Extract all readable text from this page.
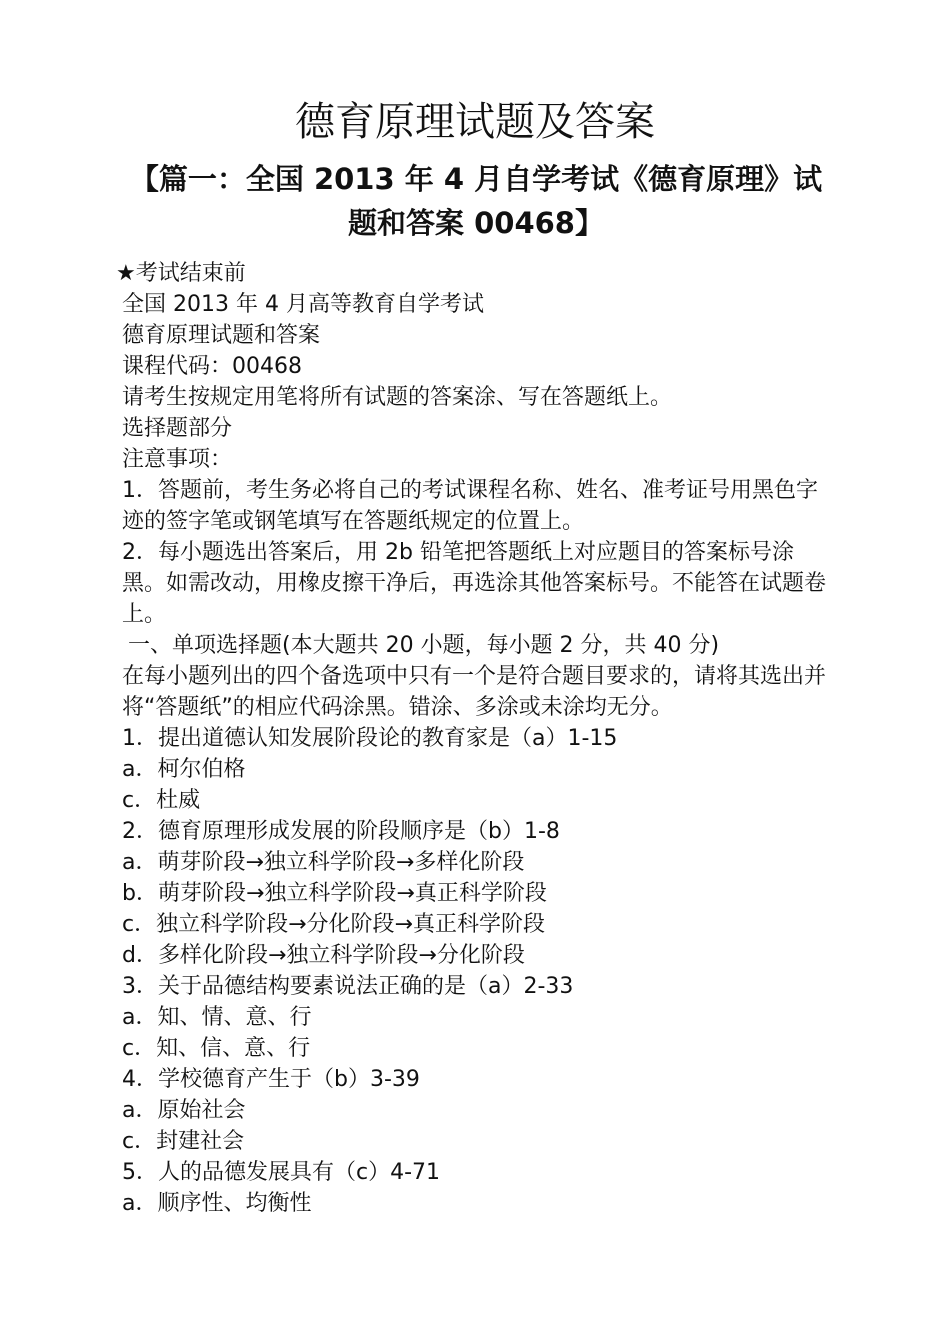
德育原理试题及答案
【篇一：全国 2013 年 4 月自学考试《德育原理》试题和答案 00468】

★考试结束前

全国 2013 年 4 月高等教育自学考试

德育原理试题和答案

课程代码：00468

请考生按规定用笔将所有试题的答案涂、写在答题纸上。

选择题部分

注意事项：

1．答题前，考生务必将自己的考试课程名称、姓名、准考证号用黑色字迹的签字笔或钢笔填写在答题纸规定的位置上。

2．每小题选出答案后，用 2b 铅笔把答题纸上对应题目的答案标号涂黑。如需改动，用橡皮擦干净后，再选涂其他答案标号。不能答在试题卷上。

一、单项选择题(本大题共 20 小题，每小题 2 分，共 40 分)

在每小题列出的四个备选项中只有一个是符合题目要求的，请将其选出并将“答题纸”的相应代码涂黑。错涂、多涂或未涂均无分。

1．提出道德认知发展阶段论的教育家是（a）1-15

a．柯尔伯格

c．杜威

2．德育原理形成发展的阶段顺序是（b）1-8

a．萌芽阶段→独立科学阶段→多样化阶段

b．萌芽阶段→独立科学阶段→真正科学阶段

c．独立科学阶段→分化阶段→真正科学阶段

d．多样化阶段→独立科学阶段→分化阶段

3．关于品德结构要素说法正确的是（a）2-33

a．知、情、意、行

c．知、信、意、行

4．学校德育产生于（b）3-39

a．原始社会

c．封建社会

5．人的品德发展具有（c）4-71

a．顺序性、均衡性
